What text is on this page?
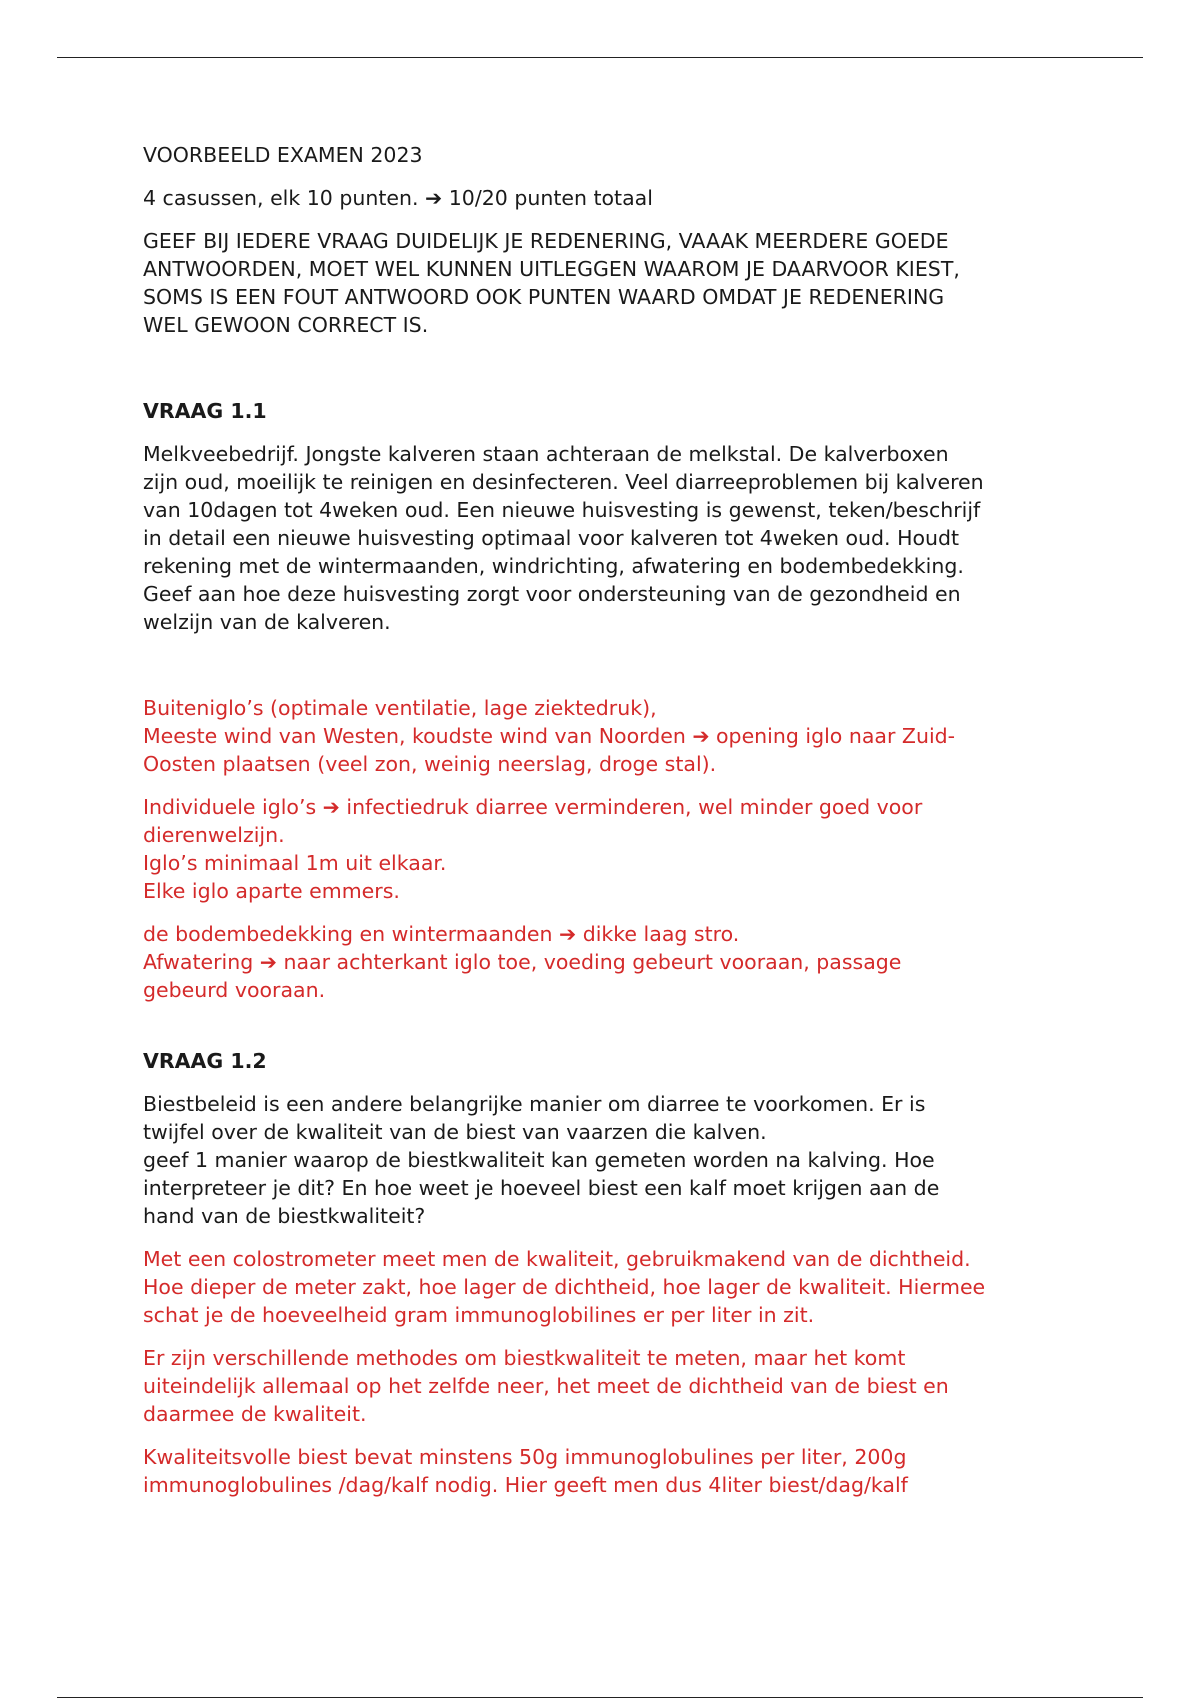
VOORBEELD EXAMEN 2023

4 casussen, elk 10 punten. ➔ 10/20 punten totaal

GEEF BIJ IEDERE VRAAG DUIDELIJK JE REDENERING, VAAAK MEERDERE GOEDE
ANTWOORDEN, MOET WEL KUNNEN UITLEGGEN WAAROM JE DAARVOOR KIEST,
SOMS IS EEN FOUT ANTWOORD OOK PUNTEN WAARD OMDAT JE REDENERING
WEL GEWOON CORRECT IS.

VRAAG 1.1

Melkveebedrijf. Jongste kalveren staan achteraan de melkstal. De kalverboxen
zijn oud, moeilijk te reinigen en desinfecteren. Veel diarreeproblemen bij kalveren
van 10dagen tot 4weken oud. Een nieuwe huisvesting is gewenst, teken/beschrijf
in detail een nieuwe huisvesting optimaal voor kalveren tot 4weken oud. Houdt
rekening met de wintermaanden, windrichting, afwatering en bodembedekking.
Geef aan hoe deze huisvesting zorgt voor ondersteuning van de gezondheid en
welzijn van de kalveren.

Buiteniglo’s (optimale ventilatie, lage ziektedruk),
Meeste wind van Westen, koudste wind van Noorden ➔ opening iglo naar Zuid-
Oosten plaatsen (veel zon, weinig neerslag, droge stal).

Individuele iglo’s ➔ infectiedruk diarree verminderen, wel minder goed voor
dierenwelzijn.
Iglo’s minimaal 1m uit elkaar.
Elke iglo aparte emmers.

de bodembedekking en wintermaanden ➔ dikke laag stro.
Afwatering ➔ naar achterkant iglo toe, voeding gebeurt vooraan, passage
gebeurd vooraan.

VRAAG 1.2

Biestbeleid is een andere belangrijke manier om diarree te voorkomen. Er is
twijfel over de kwaliteit van de biest van vaarzen die kalven.
geef 1 manier waarop de biestkwaliteit kan gemeten worden na kalving. Hoe
interpreteer je dit? En hoe weet je hoeveel biest een kalf moet krijgen aan de
hand van de biestkwaliteit?

Met een colostrometer meet men de kwaliteit, gebruikmakend van de dichtheid.
Hoe dieper de meter zakt, hoe lager de dichtheid, hoe lager de kwaliteit. Hiermee
schat je de hoeveelheid gram immunoglobilines er per liter in zit.

Er zijn verschillende methodes om biestkwaliteit te meten, maar het komt
uiteindelijk allemaal op het zelfde neer, het meet de dichtheid van de biest en
daarmee de kwaliteit.

Kwaliteitsvolle biest bevat minstens 50g immunoglobulines per liter, 200g
immunoglobulines /dag/kalf nodig. Hier geeft men dus 4liter biest/dag/kalf
